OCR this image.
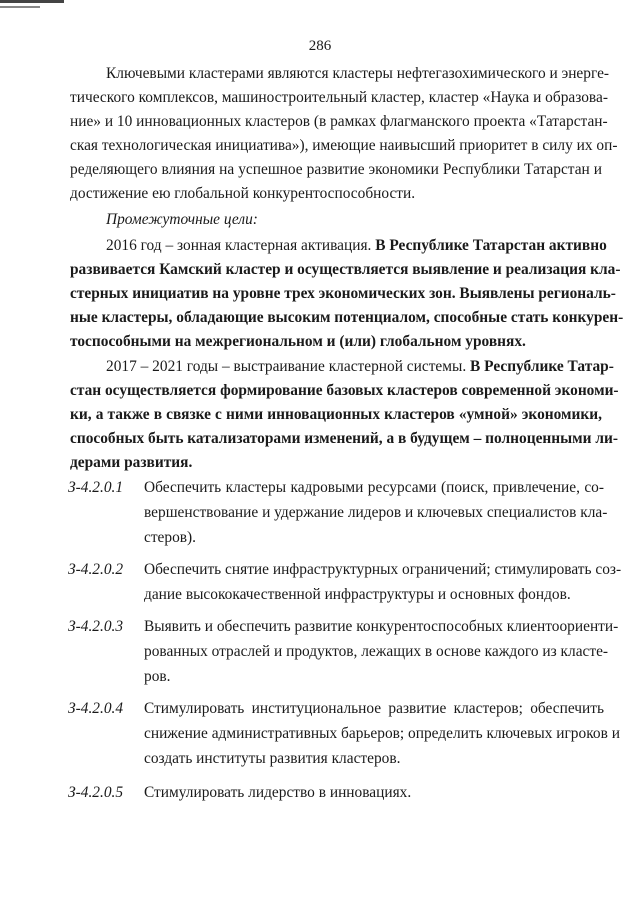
286
Ключевыми кластерами являются кластеры нефтегазохимического и энерге-
тического комплексов, машиностроительный кластер, кластер «Наука и образова-
ние» и 10 инновационных кластеров (в рамках флагманского проекта «Татарстан-
ская технологическая инициатива»), имеющие наивысший приоритет в силу их оп-
ределяющего влияния на успешное развитие экономики Республики Татарстан и
достижение ею глобальной конкурентоспособности.
Промежуточные цели:
2016 год – зонная кластерная активация. В Республике Татарстан активно
развивается Камский кластер и осуществляется выявление и реализация кла-
стерных инициатив на уровне трех экономических зон. Выявлены региональ-
ные кластеры, обладающие высоким потенциалом, способные стать конкурен-
тоспособными на межрегиональном и (или) глобальном уровнях.
2017 – 2021 годы – выстраивание кластерной системы. В Республике Татар-
стан осуществляется формирование базовых кластеров современной экономи-
ки, а также в связке с ними инновационных кластеров «умной» экономики,
способных быть катализаторами изменений, а в будущем – полноценными ли-
дерами развития.
З-4.2.0.1 Обеспечить кластеры кадровыми ресурсами (поиск, привлечение, со-
вершенствование и удержание лидеров и ключевых специалистов кла-
стеров).
З-4.2.0.2 Обеспечить снятие инфраструктурных ограничений; стимулировать соз-
дание высококачественной инфраструктуры и основных фондов.
З-4.2.0.3 Выявить и обеспечить развитие конкурентоспособных клиентоориенти-
рованных отраслей и продуктов, лежащих в основе каждого из класте-
ров.
З-4.2.0.4 Стимулировать институциональное развитие кластеров; обеспечить
снижение административных барьеров; определить ключевых игроков и
создать институты развития кластеров.
З-4.2.0.5 Стимулировать лидерство в инновациях.
